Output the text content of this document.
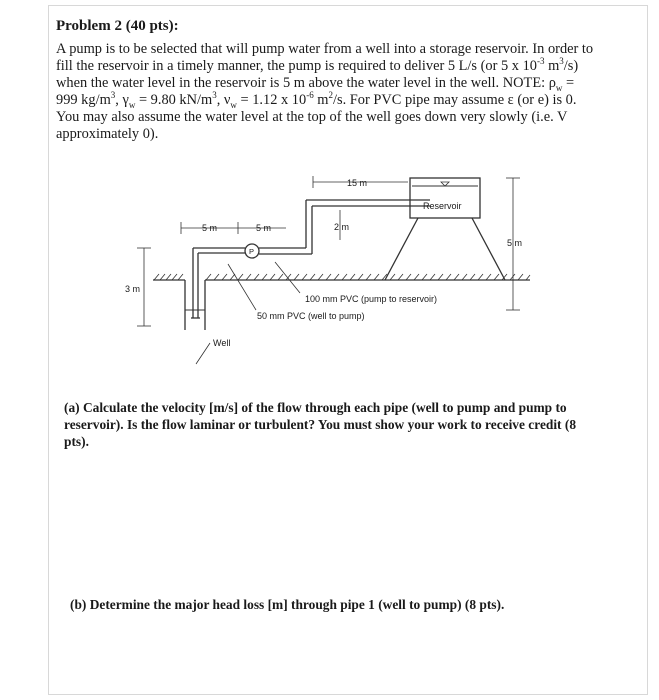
Problem 2 (40 pts):
A pump is to be selected that will pump water from a well into a storage reservoir. In order to fill the reservoir in a timely manner, the pump is required to deliver 5 L/s (or 5 x $10^{-3}$ $m^3/s$) when the water level in the reservoir is 5 m above the water level in the well. NOTE: $\rho_w = 999$ $kg/m^3$, $\gamma_w = 9.80$ $kN/m^3$, $\nu_w = 1.12$ x $10^{-6}$ $m^2/s$. For PVC pipe may assume ε (or e) is 0. You may also assume the water level at the top of the well goes down very slowly (i.e. V approximately 0).
15 m
5 m	5 m	2 m
5 m
3 m
P
Reservoir
100 mm PVC (pump to reservoir)
50 mm PVC (well to pump)
Well
(a) Calculate the velocity [m/s] of the flow through each pipe (well to pump and pump to reservoir). Is the flow laminar or turbulent? You must show your work to receive credit (8 pts).
(b) Determine the major head loss [m] through pipe 1 (well to pump) (8 pts).
